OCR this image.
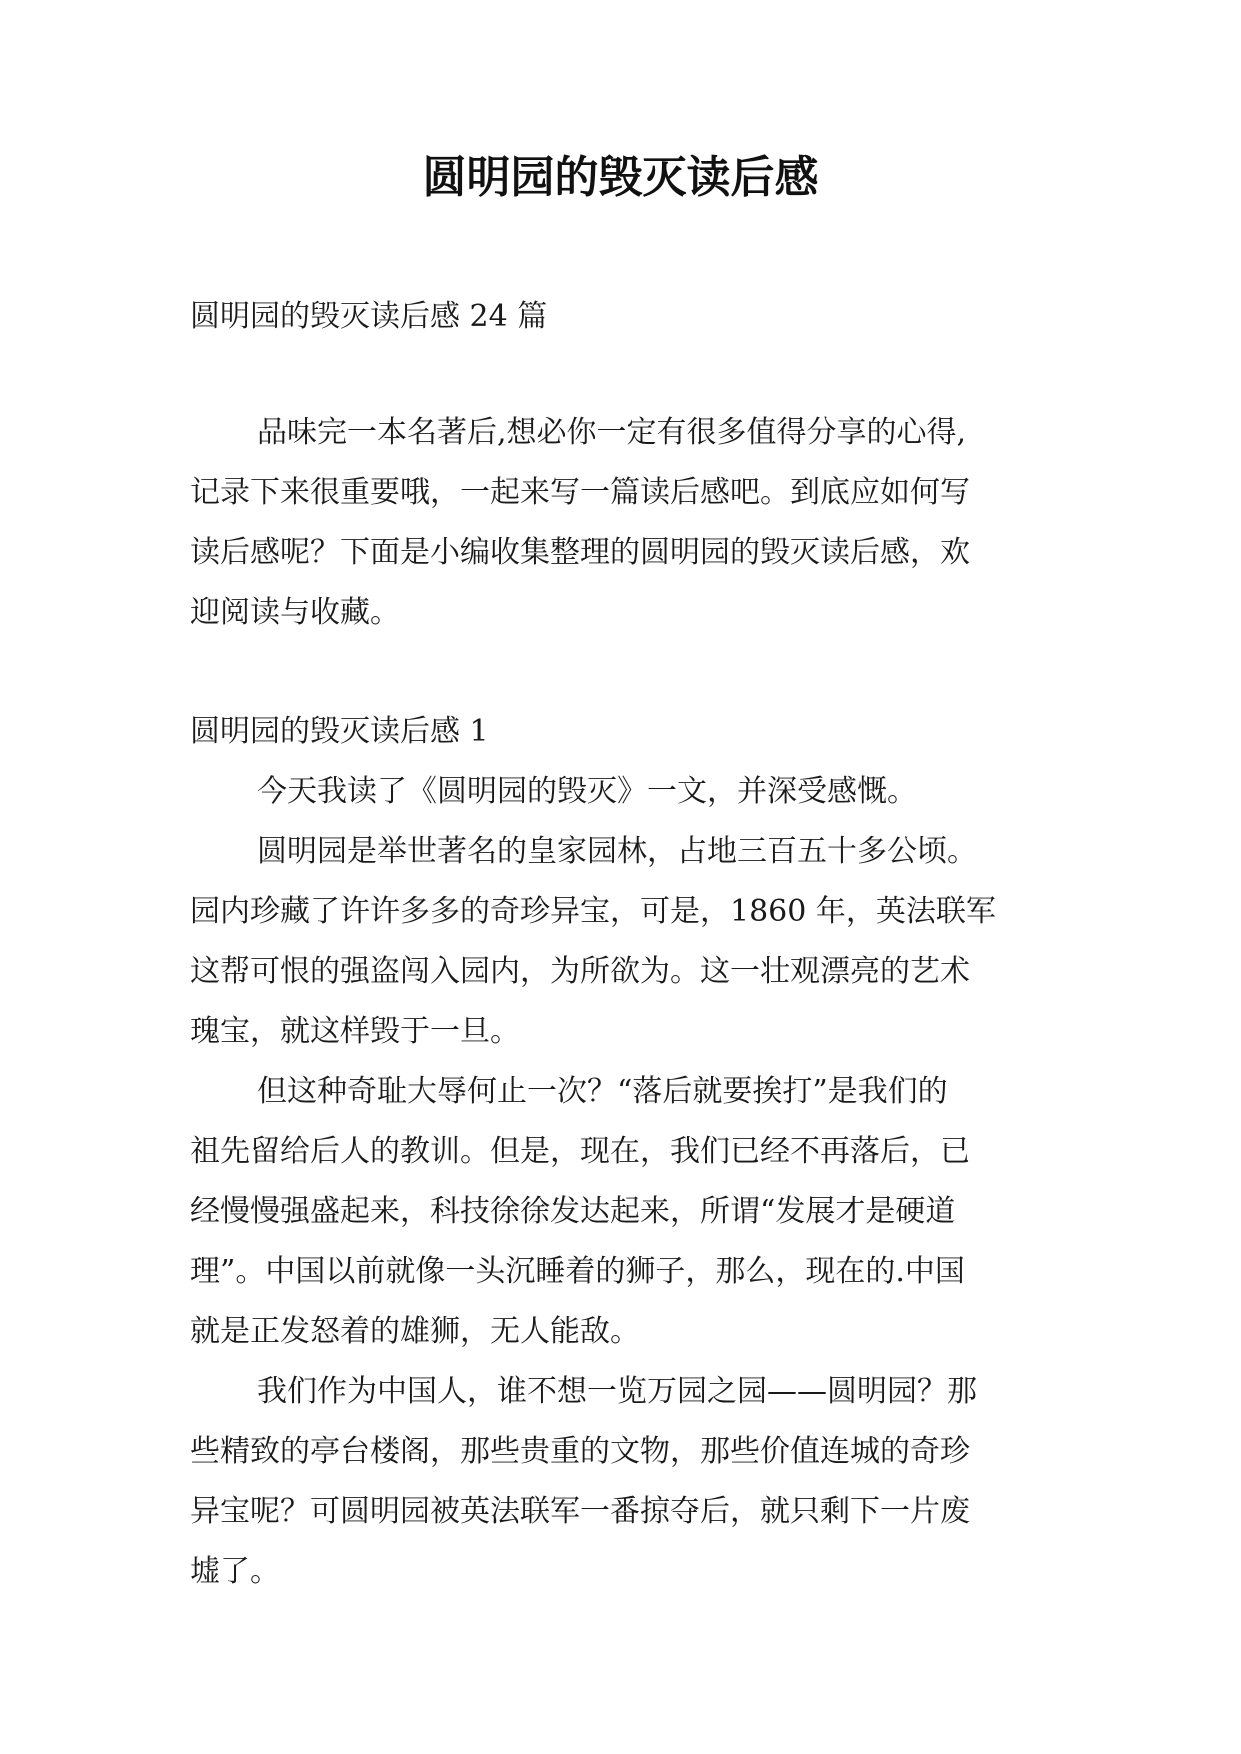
圆明园的毁灭读后感
圆明园的毁灭读后感 24 篇
品味完一本名著后,想必你一定有很多值得分享的心得,
记录下来很重要哦，一起来写一篇读后感吧。到底应如何写
读后感呢？下面是小编收集整理的圆明园的毁灭读后感，欢
迎阅读与收藏。
圆明园的毁灭读后感 1
今天我读了《圆明园的毁灭》一文，并深受感慨。
圆明园是举世著名的皇家园林，占地三百五十多公顷。
园内珍藏了许许多多的奇珍异宝，可是，1860 年，英法联军
这帮可恨的强盗闯入园内，为所欲为。这一壮观漂亮的艺术
瑰宝，就这样毁于一旦。
但这种奇耻大辱何止一次？“落后就要挨打”是我们的
祖先留给后人的教训。但是，现在，我们已经不再落后，已
经慢慢强盛起来，科技徐徐发达起来，所谓“发展才是硬道
理”。中国以前就像一头沉睡着的狮子，那么，现在的.中国
就是正发怒着的雄狮，无人能敌。
我们作为中国人，谁不想一览万园之园——圆明园？那
些精致的亭台楼阁，那些贵重的文物，那些价值连城的奇珍
异宝呢？可圆明园被英法联军一番掠夺后，就只剩下一片废
墟了。
